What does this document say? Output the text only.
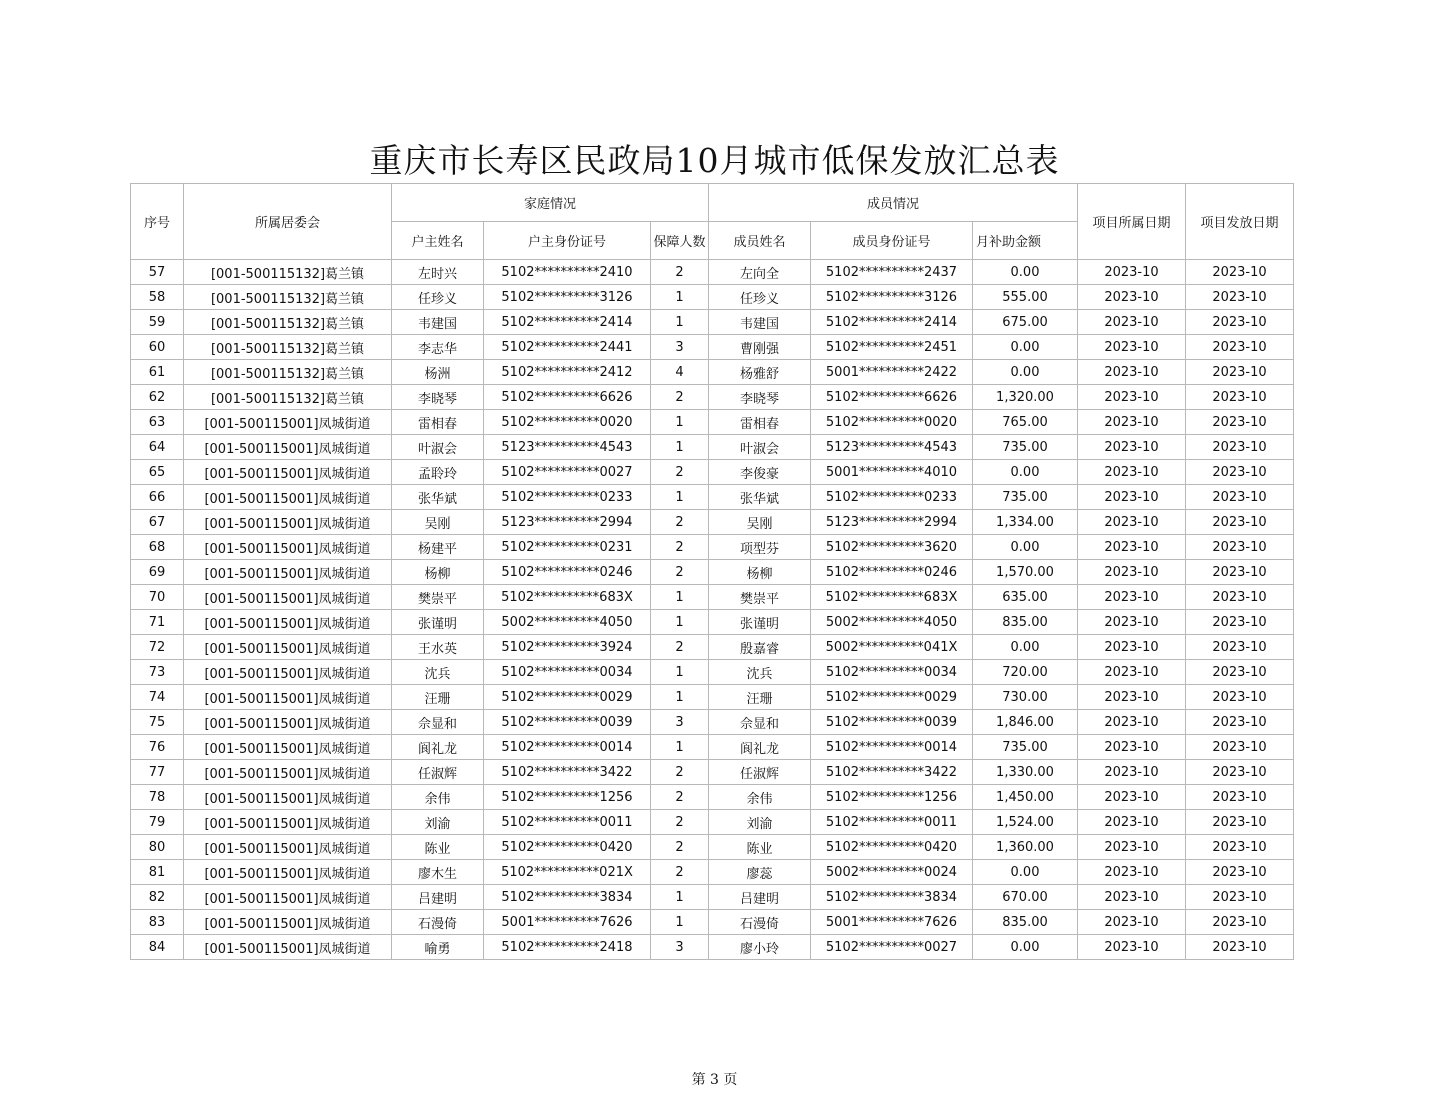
重庆市长寿区民政局10月城市低保发放汇总表
序号	所属居委会	家庭情况			成员情况			项目所属日期	项目发放日期
		户主姓名	户主身份证号	保障人数	成员姓名	成员身份证号	月补助金额		
57	[001-500115132]葛兰镇	左时兴	5102**********2410	2	左向全	5102**********2437	0.00	2023-10	2023-10
58	[001-500115132]葛兰镇	任珍义	5102**********3126	1	任珍义	5102**********3126	555.00	2023-10	2023-10
59	[001-500115132]葛兰镇	韦建国	5102**********2414	1	韦建国	5102**********2414	675.00	2023-10	2023-10
60	[001-500115132]葛兰镇	李志华	5102**********2441	3	曹刚强	5102**********2451	0.00	2023-10	2023-10
61	[001-500115132]葛兰镇	杨洲	5102**********2412	4	杨雅舒	5001**********2422	0.00	2023-10	2023-10
62	[001-500115132]葛兰镇	李晓琴	5102**********6626	2	李晓琴	5102**********6626	1,320.00	2023-10	2023-10
63	[001-500115001]凤城街道	雷相春	5102**********0020	1	雷相春	5102**********0020	765.00	2023-10	2023-10
64	[001-500115001]凤城街道	叶淑会	5123**********4543	1	叶淑会	5123**********4543	735.00	2023-10	2023-10
65	[001-500115001]凤城街道	孟聆玲	5102**********0027	2	李俊豪	5001**********4010	0.00	2023-10	2023-10
66	[001-500115001]凤城街道	张华斌	5102**********0233	1	张华斌	5102**********0233	735.00	2023-10	2023-10
67	[001-500115001]凤城街道	吴刚	5123**********2994	2	吴刚	5123**********2994	1,334.00	2023-10	2023-10
68	[001-500115001]凤城街道	杨建平	5102**********0231	2	项型芬	5102**********3620	0.00	2023-10	2023-10
69	[001-500115001]凤城街道	杨柳	5102**********0246	2	杨柳	5102**********0246	1,570.00	2023-10	2023-10
70	[001-500115001]凤城街道	樊崇平	5102**********683X	1	樊崇平	5102**********683X	635.00	2023-10	2023-10
71	[001-500115001]凤城街道	张谨明	5002**********4050	1	张谨明	5002**********4050	835.00	2023-10	2023-10
72	[001-500115001]凤城街道	王水英	5102**********3924	2	殷嘉睿	5002**********041X	0.00	2023-10	2023-10
73	[001-500115001]凤城街道	沈兵	5102**********0034	1	沈兵	5102**********0034	720.00	2023-10	2023-10
74	[001-500115001]凤城街道	汪珊	5102**********0029	1	汪珊	5102**********0029	730.00	2023-10	2023-10
75	[001-500115001]凤城街道	佘显和	5102**********0039	3	佘显和	5102**********0039	1,846.00	2023-10	2023-10
76	[001-500115001]凤城街道	阆礼龙	5102**********0014	1	阆礼龙	5102**********0014	735.00	2023-10	2023-10
77	[001-500115001]凤城街道	任淑辉	5102**********3422	2	任淑辉	5102**********3422	1,330.00	2023-10	2023-10
78	[001-500115001]凤城街道	余伟	5102**********1256	2	余伟	5102**********1256	1,450.00	2023-10	2023-10
79	[001-500115001]凤城街道	刘渝	5102**********0011	2	刘渝	5102**********0011	1,524.00	2023-10	2023-10
80	[001-500115001]凤城街道	陈业	5102**********0420	2	陈业	5102**********0420	1,360.00	2023-10	2023-10
81	[001-500115001]凤城街道	廖木生	5102**********021X	2	廖蕊	5002**********0024	0.00	2023-10	2023-10
82	[001-500115001]凤城街道	吕建明	5102**********3834	1	吕建明	5102**********3834	670.00	2023-10	2023-10
83	[001-500115001]凤城街道	石漫倚	5001**********7626	1	石漫倚	5001**********7626	835.00	2023-10	2023-10
84	[001-500115001]凤城街道	喻勇	5102**********2418	3	廖小玲	5102**********0027	0.00	2023-10	2023-10
第 3 页
